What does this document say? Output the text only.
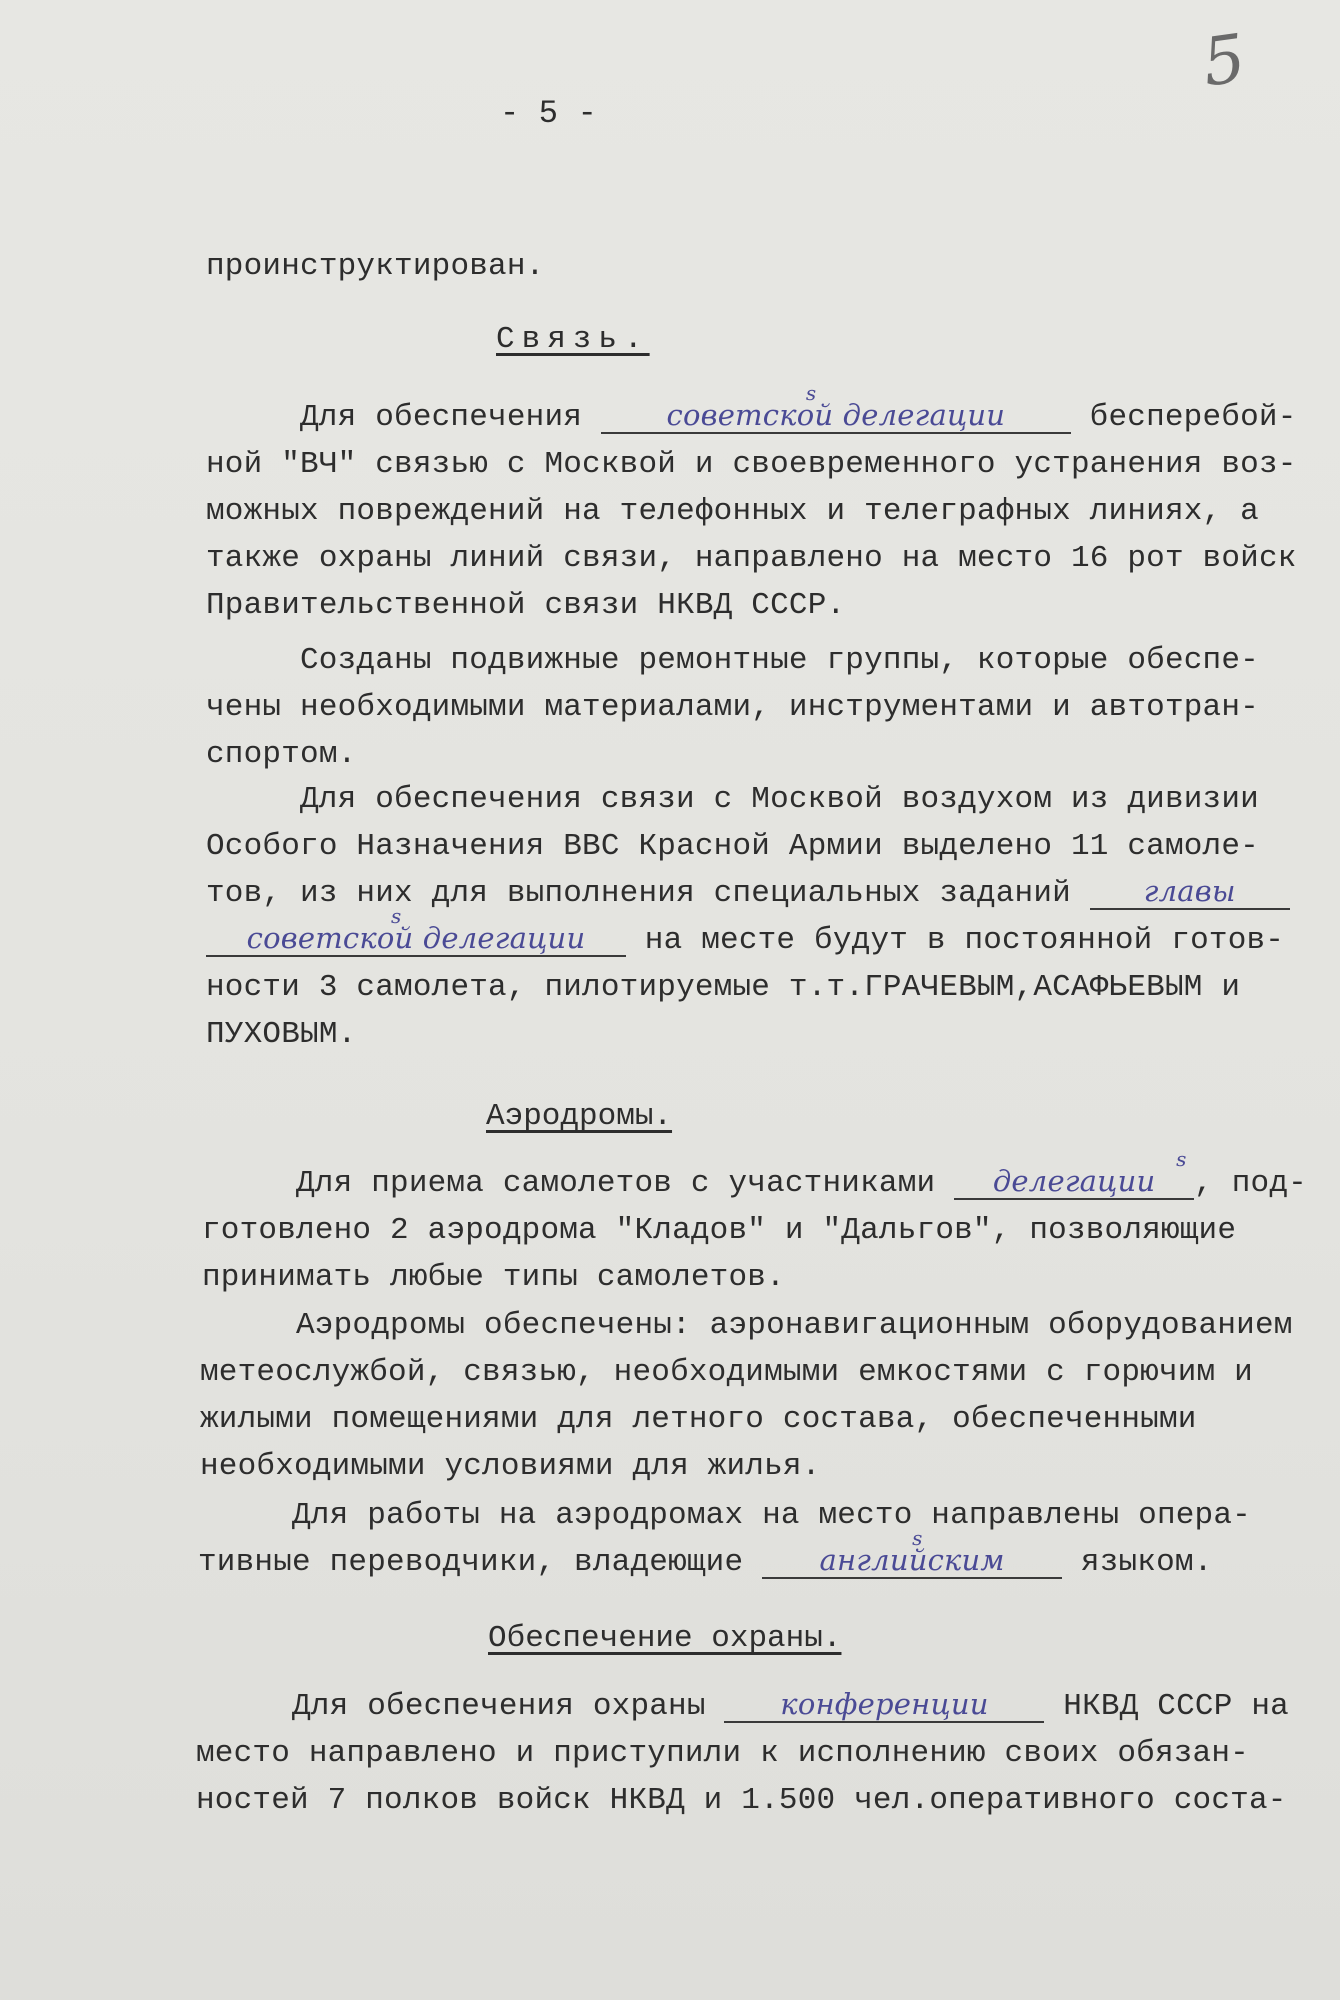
5

- 5 -

проинструктирован.

Связь.

Для обеспечения
s
советской делегации бесперебой-

ной "ВЧ" связью с Москвой и своевременного устранения воз-

можных повреждений на телефонных и телеграфных линиях, а

также охраны линий связи, направлено на место 16 рот войск

Правительственной связи НКВД СССР.

Созданы подвижные ремонтные группы, которые обеспе-

чены необходимыми материалами, инструментами и автотран-

спортом.

Для обеспечения связи с Москвой воздухом из дивизии

Особого Назначения ВВС Красной Армии выделено 11 самоле-

тов, из них для выполнения специальных заданий главы

s
советской делегации на месте будут в постоянной готов-

ности 3 самолета, пилотируемые т.т.ГРАЧЕВЫМ,АСАФЬЕВЫМ и

ПУХОВЫМ.

Аэродромы.

Для приема самолетов с участниками
s
делегации , под-

готовлено 2 аэродрома "Кладов" и "Дальгов", позволяющие

принимать любые типы самолетов.

Аэродромы обеспечены: аэронавигационным оборудованием

метеослужбой, связью, необходимыми емкостями с горючим и

жилыми помещениями для летного состава, обеспеченными

необходимыми условиями для жилья.

Для работы на аэродромах на место направлены опера-

тивные переводчики, владеющие
s
английским языком.

Обеспечение охраны.

Для обеспечения охраны конференции НКВД СССР на

место направлено и приступили к исполнению своих обязан-

ностей 7 полков войск НКВД и 1.500 чел.оперативного соста-
